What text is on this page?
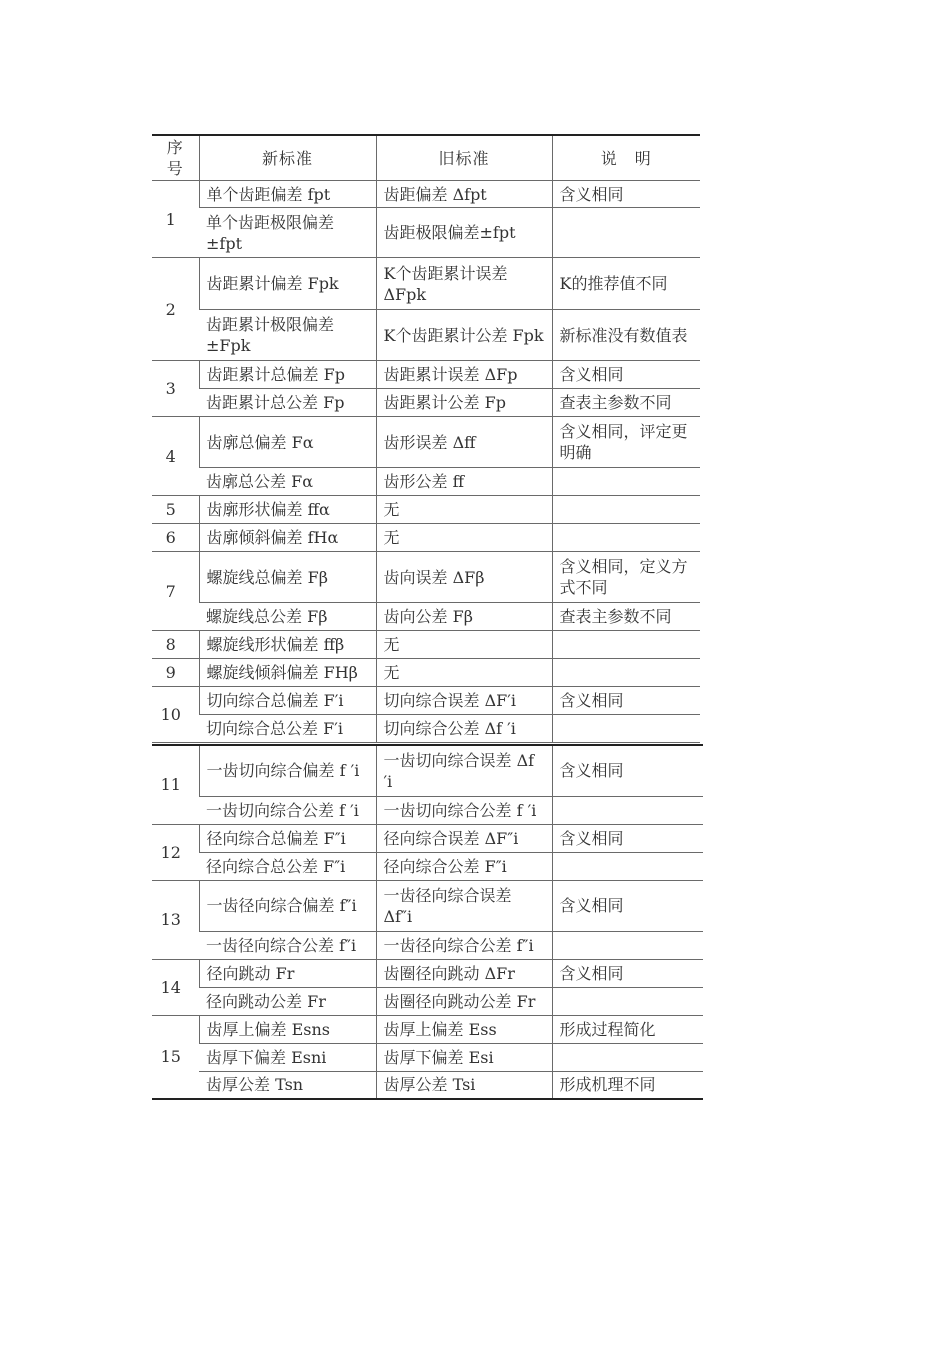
序号	新标准	旧标准	说　明
1	单个齿距偏差 fpt	齿距偏差 Δfpt	含义相同
	单个齿距极限偏差±fpt	齿距极限偏差±fpt	
2	齿距累计偏差 Fpk	K个齿距累计误差 ΔFpk	K的推荐值不同
	齿距累计极限偏差±Fpk	K个齿距累计公差 Fpk	新标准没有数值表
3	齿距累计总偏差 Fp	齿距累计误差 ΔFp	含义相同
	齿距累计总公差 Fp	齿距累计公差 Fp	查表主参数不同
4	齿廓总偏差 Fα	齿形误差 Δff	含义相同，评定更明确
	齿廓总公差 Fα	齿形公差 ff	
5	齿廓形状偏差 ffα	无	
6	齿廓倾斜偏差 fHα	无	
7	螺旋线总偏差 Fβ	齿向误差 ΔFβ	含义相同，定义方式不同
	螺旋线总公差 Fβ	齿向公差 Fβ	查表主参数不同
8	螺旋线形状偏差 ffβ	无	
9	螺旋线倾斜偏差 FHβ	无	
10	切向综合总偏差 F′i	切向综合误差 ΔF′i	含义相同
	切向综合总公差 F′i	切向综合公差 Δf ′i	
11	一齿切向综合偏差 f ′i	一齿切向综合误差 Δf ′i	含义相同
	一齿切向综合公差 f ′i	一齿切向综合公差 f ′i	
12	径向综合总偏差 F″i	径向综合误差 ΔF″i	含义相同
	径向综合总公差 F″i	径向综合公差 F″i	
13	一齿径向综合偏差 f″i	一齿径向综合误差 Δf″i	含义相同
	一齿径向综合公差 f″i	一齿径向综合公差 f″i	
14	径向跳动 Fr	齿圈径向跳动 ΔFr	含义相同
	径向跳动公差 Fr	齿圈径向跳动公差 Fr	
15	齿厚上偏差 Esns	齿厚上偏差 Ess	形成过程简化
	齿厚下偏差 Esni	齿厚下偏差 Esi	
	齿厚公差 Tsn	齿厚公差 Tsi	形成机理不同
